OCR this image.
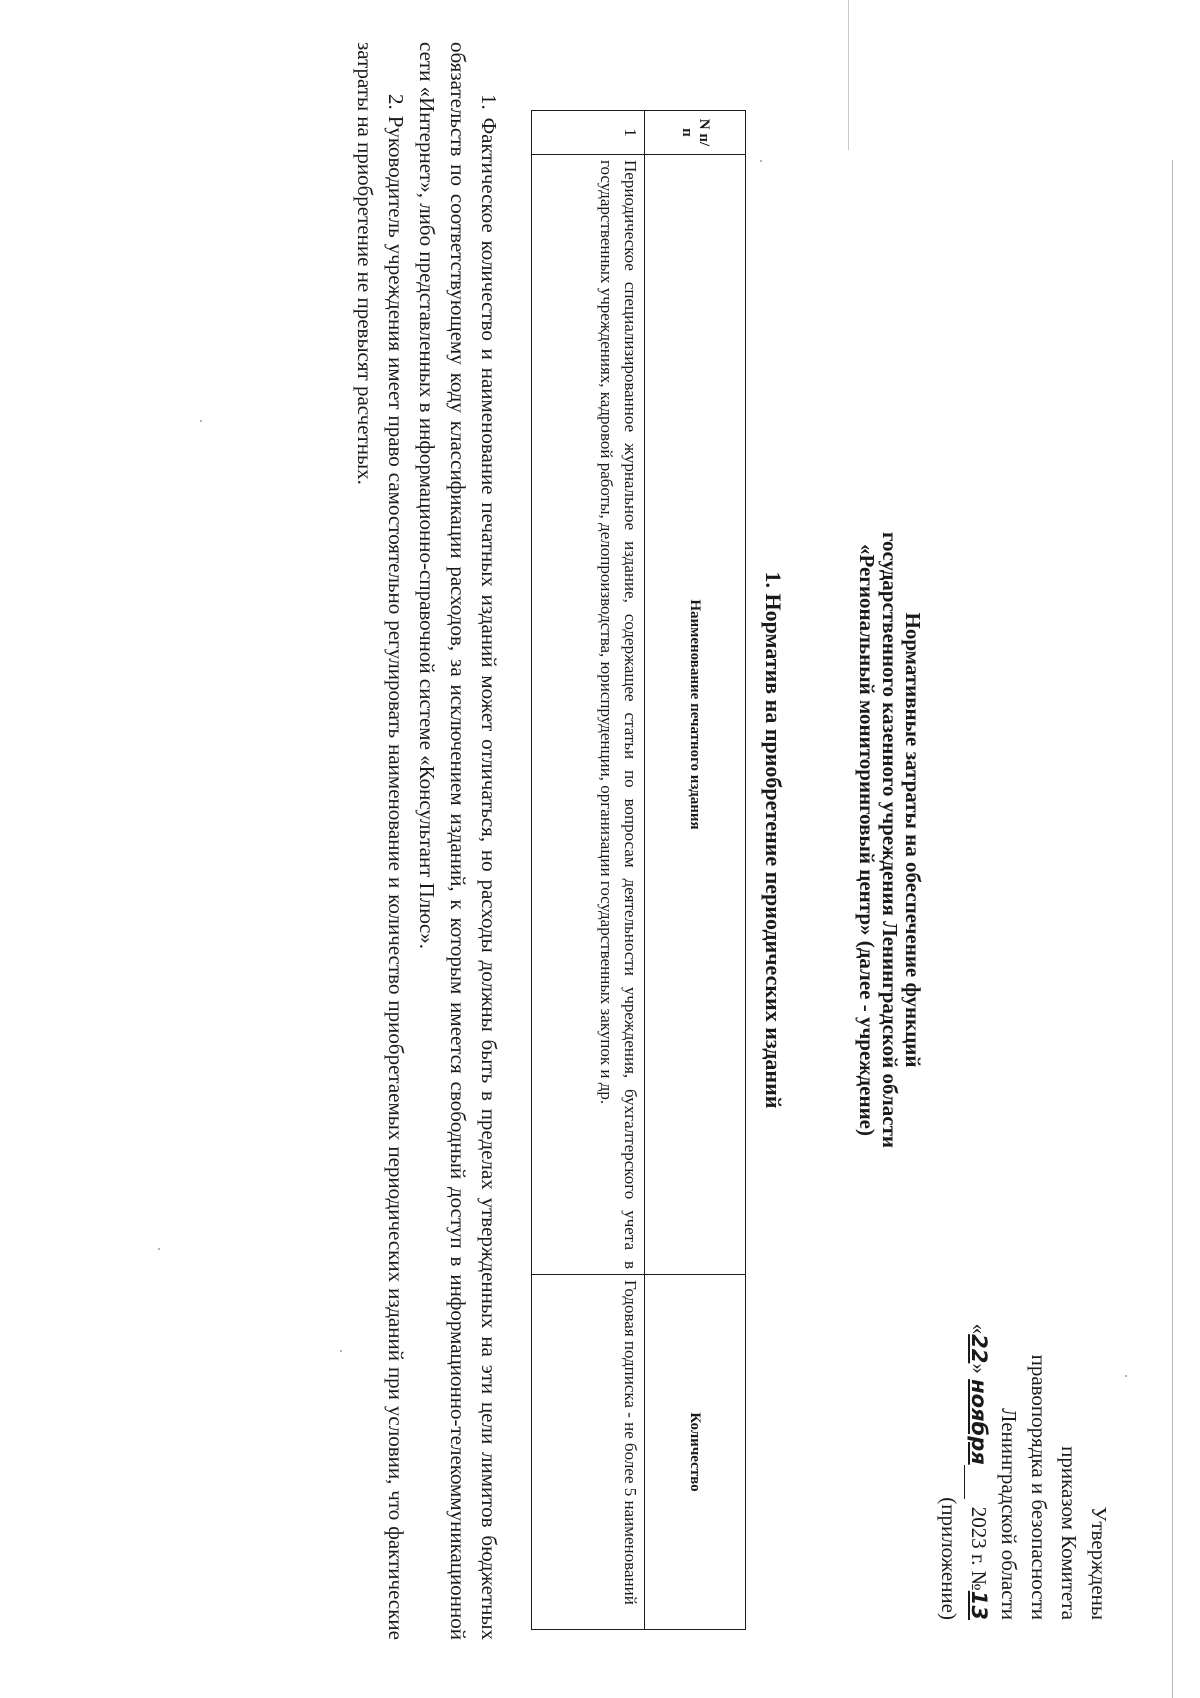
Утверждены
приказом Комитета
правопорядка и безопасности
Ленинградской области
«22» ноября2023 г. №13
(приложение)
Нормативные затраты на обеспечение функций
государственного казенного учреждения Ленинградской области
«Региональный мониторинговый центр» (далее - учреждение)
1. Норматив на приобретение периодических изданий
N п/п	Наименование печатного издания	Количество
1	Периодическое специализированное журнальное издание, содержащее статьи по вопросам деятельности учреждения, бухгалтерского учета в государственных учреждениях, кадровой работы, делопроизводства, юриспруденции, организации государственных закупок и др.	Годовая подписка - не более 5 наименований

1. Фактическое количество и наименование печатных изданий может отличаться, но расходы должны быть в пределах утвержденных на эти цели лимитов бюджетных обязательств по соответствующему коду классификации расходов, за исключением изданий, к которым имеется свободный доступ в информационно-телекоммуникационной сети «Интернет», либо представленных в информационно-справочной системе «Консультант Плюс».

2. Руководитель учреждения имеет право самостоятельно регулировать наименование и количество приобретаемых периодических изданий при условии, что фактические затраты на приобретение не превысят расчетных.
